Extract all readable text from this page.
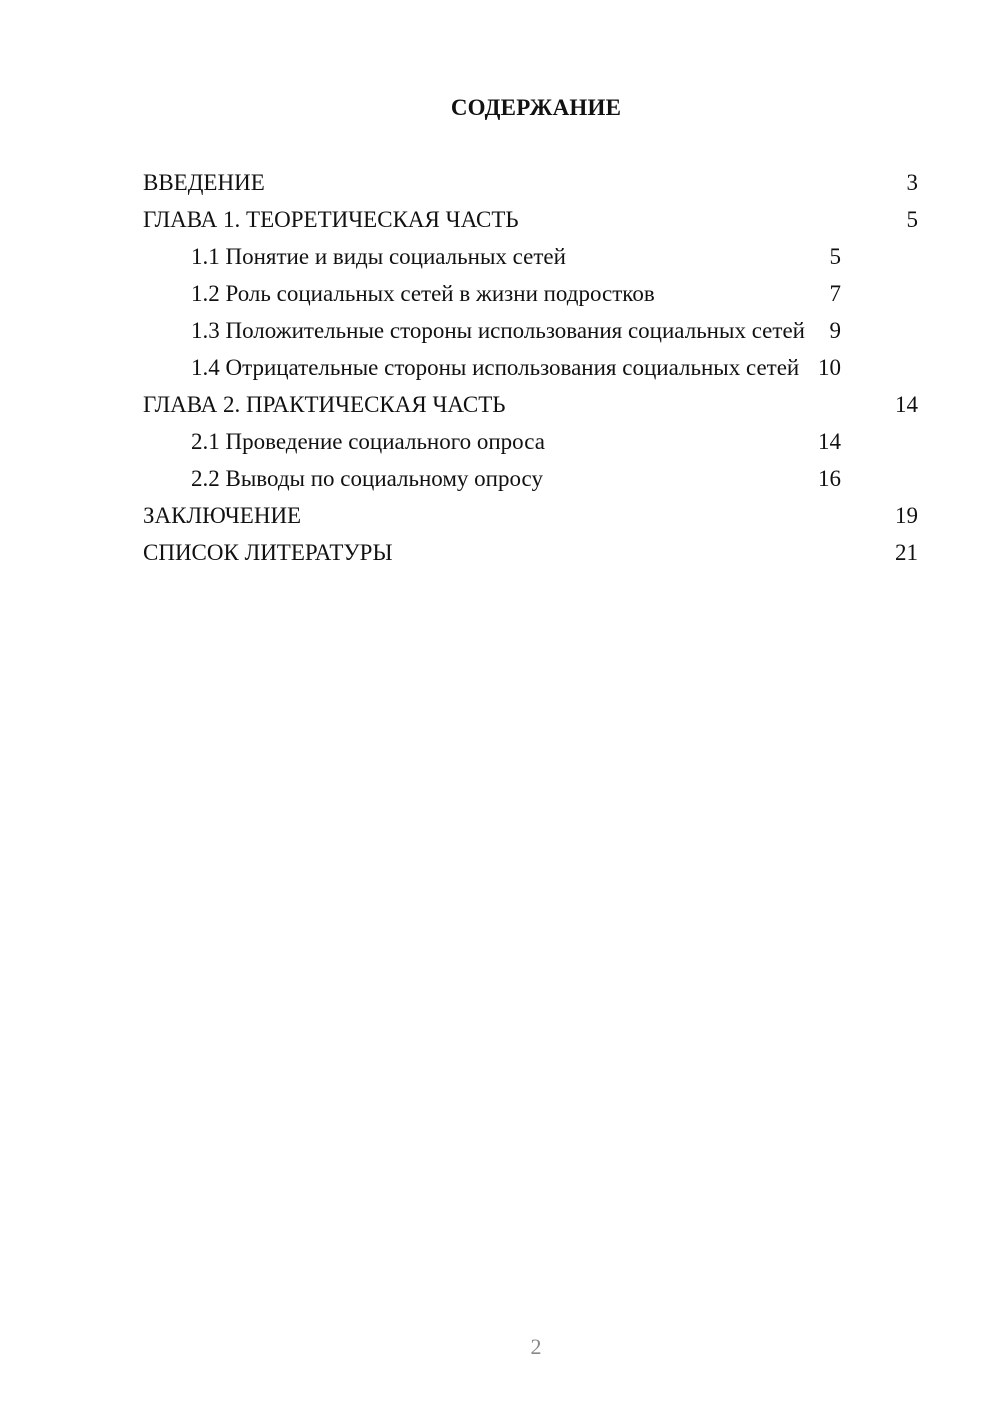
СОДЕРЖАНИЕ
ВВЕДЕНИЕ	3
ГЛАВА 1. ТЕОРЕТИЧЕСКАЯ ЧАСТЬ	5
1.1 Понятие и виды социальных сетей	5
1.2 Роль социальных сетей в жизни подростков	7
1.3 Положительные стороны использования социальных сетей	9
1.4 Отрицательные стороны использования социальных сетей 10
ГЛАВА 2. ПРАКТИЧЕСКАЯ ЧАСТЬ	14
2.1 Проведение социального опроса	14
2.2 Выводы по социальному опросу	16
ЗАКЛЮЧЕНИЕ	19
СПИСОК ЛИТЕРАТУРЫ	21
2
